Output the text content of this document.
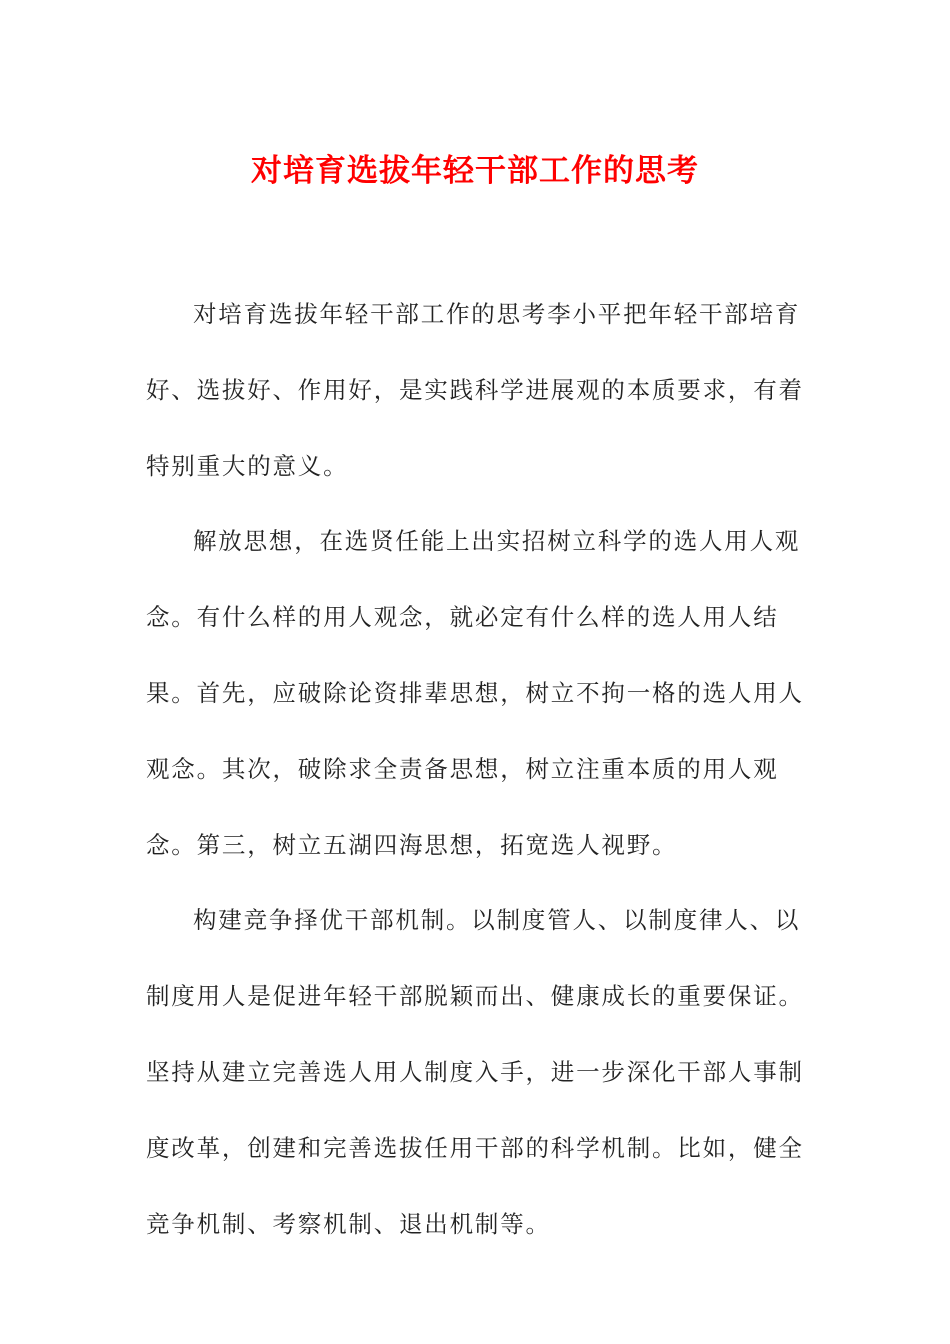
对培育选拔年轻干部工作的思考

对培育选拔年轻干部工作的思考李小平把年轻干部培育好、选拔好、作用好，是实践科学进展观的本质要求，有着特别重大的意义。

解放思想，在选贤任能上出实招树立科学的选人用人观念。有什么样的用人观念，就必定有什么样的选人用人结果。首先，应破除论资排辈思想，树立不拘一格的选人用人观念。其次，破除求全责备思想，树立注重本质的用人观念。第三，树立五湖四海思想，拓宽选人视野。

构建竞争择优干部机制。以制度管人、以制度律人、以制度用人是促进年轻干部脱颖而出、健康成长的重要保证。坚持从建立完善选人用人制度入手，进一步深化干部人事制度改革，创建和完善选拔任用干部的科学机制。比如，健全竞争机制、考察机制、退出机制等。
